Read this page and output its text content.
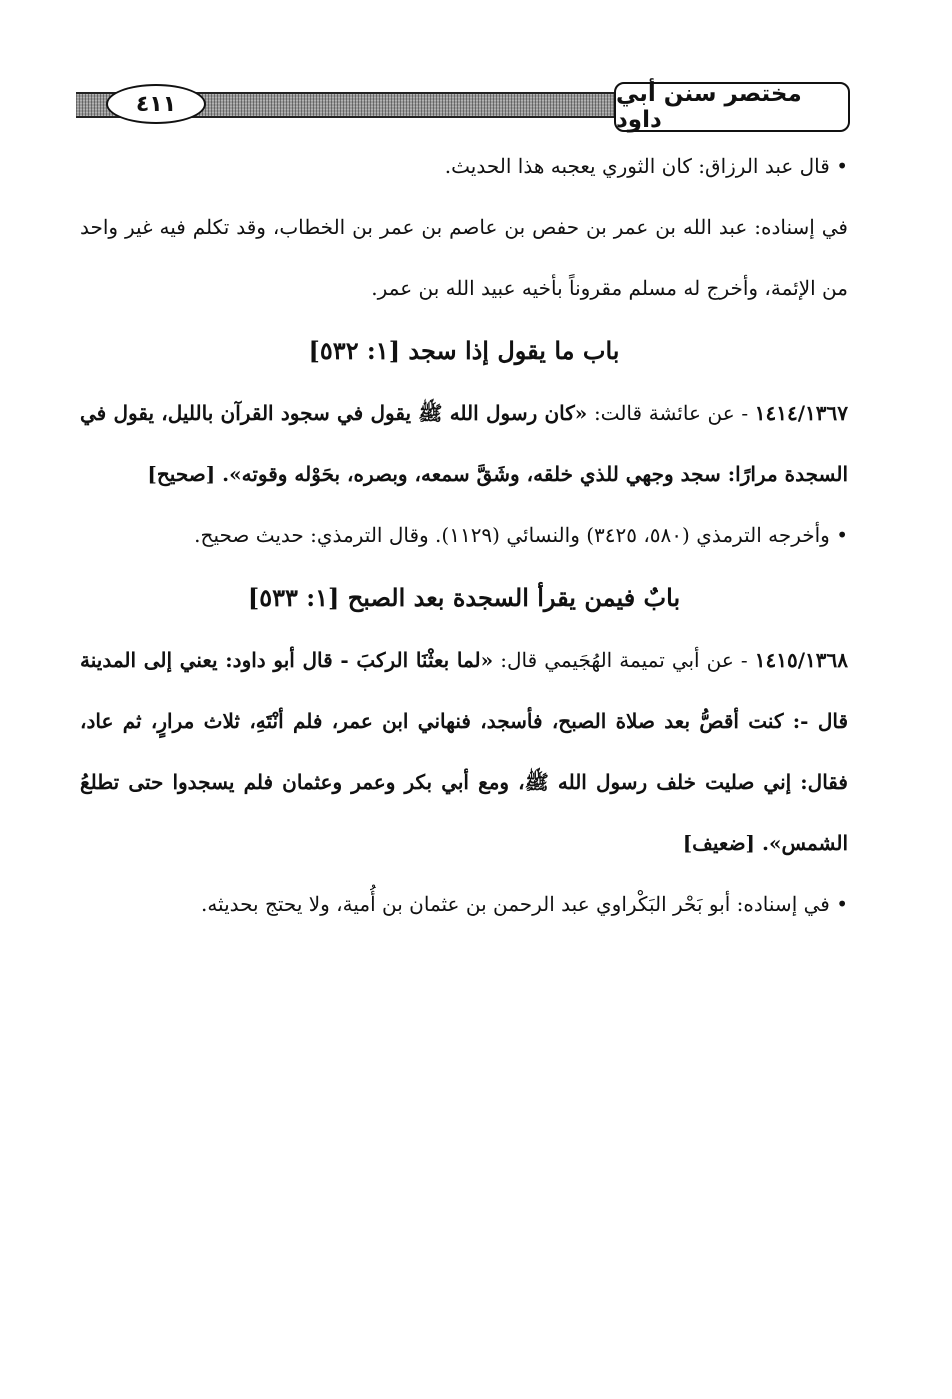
٤١١	مختصر سنن أبي داود

• قال عبد الرزاق: كان الثوري يعجبه هذا الحديث.

في إسناده: عبد الله بن عمر بن حفص بن عاصم بن عمر بن الخطاب، وقد تكلم فيه غير واحد من الإئمة، وأخرج له مسلم مقروناً بأخيه عبيد الله بن عمر.

باب ما يقول إذا سجد [١: ٥٣٢]

١٤١٤/١٣٦٧ - عن عائشة قالت: «كان رسول الله ﷺ يقول في سجود القرآن بالليل، يقول في السجدة مرارًا: سجد وجهي للذي خلقه، وشَقَّ سمعه، وبصره، بحَوْله وقوته». [صحيح]

• وأخرجه الترمذي (٥٨٠، ٣٤٢٥) والنسائي (١١٢٩). وقال الترمذي: حديث صحيح.

بابٌ فيمن يقرأ السجدة بعد الصبح [١: ٥٣٣]

١٤١٥/١٣٦٨ - عن أبي تميمة الهُجَيمي قال: «لما بعثْنَا الركبَ - قال أبو داود: يعني إلى المدينة قال -: كنت أقصُّ بعد صلاة الصبح، فأسجد، فنهاني ابن عمر، فلم أنْتَهِ، ثلاث مرارٍ، ثم عاد، فقال: إني صليت خلف رسول الله ﷺ، ومع أبي بكر وعمر وعثمان فلم يسجدوا حتى تطلعُ الشمس». [ضعيف]

• في إسناده: أبو بَحْر البَكْراوي عبد الرحمن بن عثمان بن أُمية، ولا يحتج بحديثه.
